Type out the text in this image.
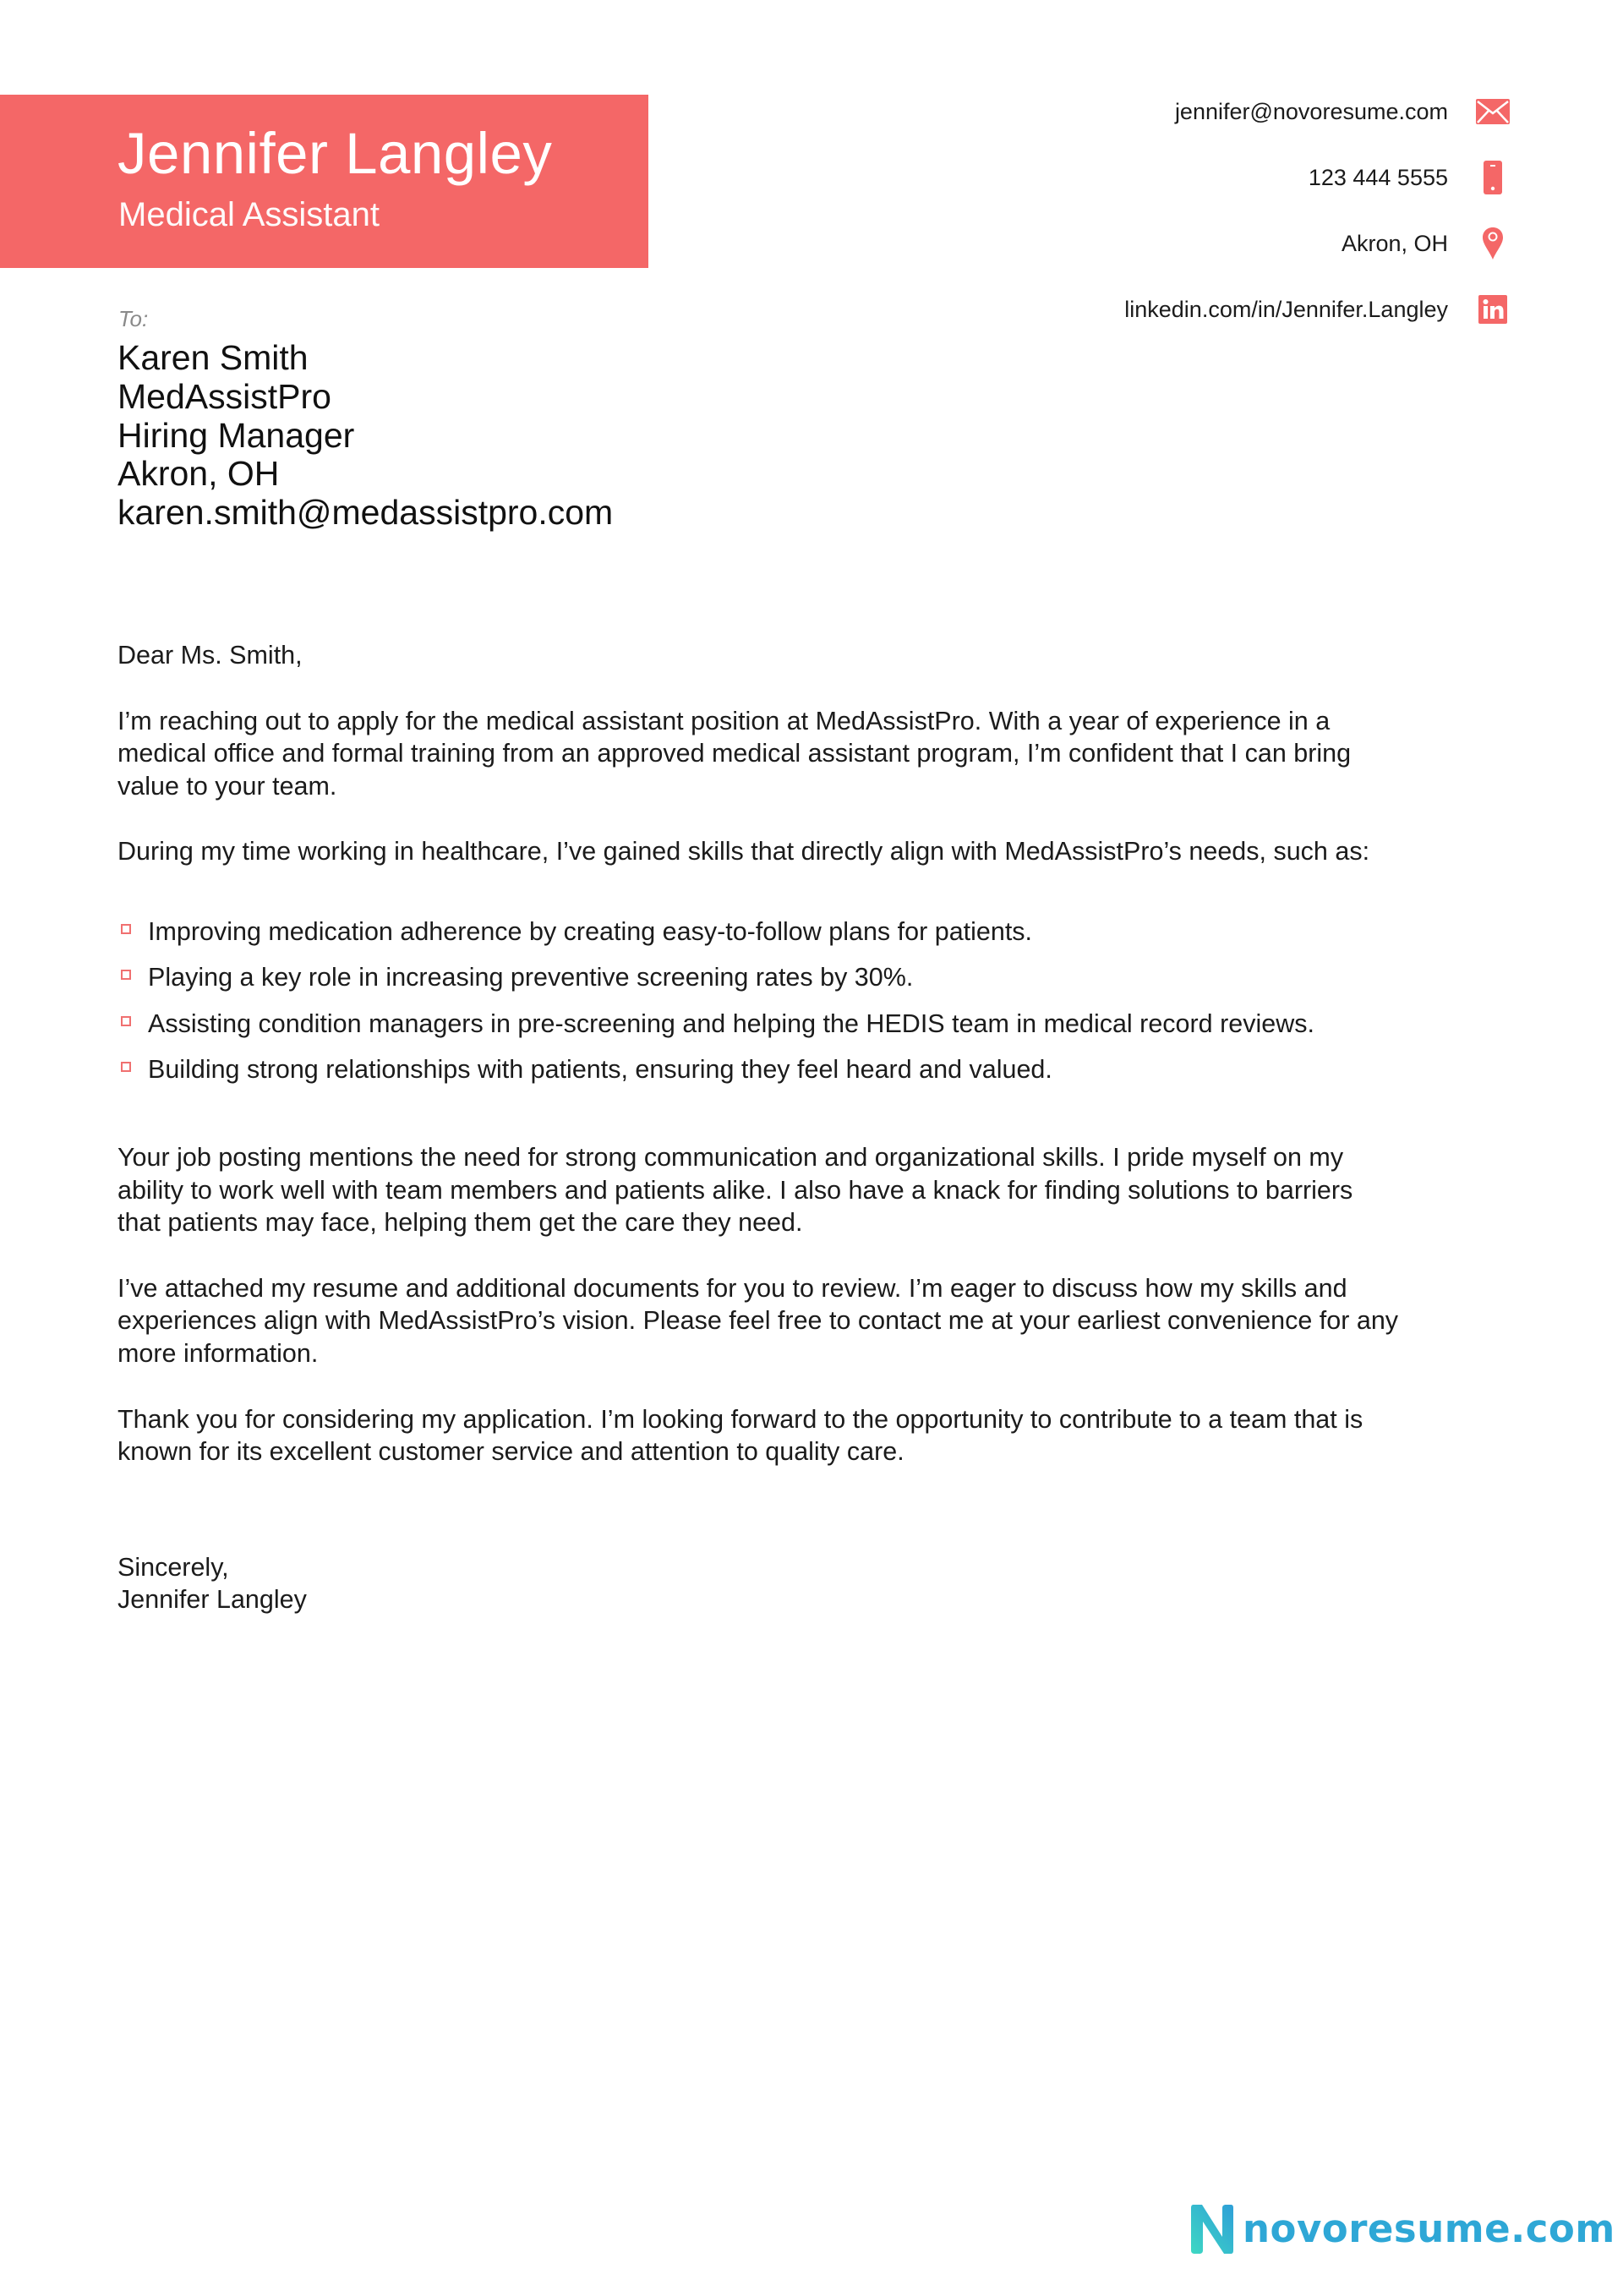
Jennifer Langley
Medical Assistant
jennifer@novoresume.com
123 444 5555
Akron, OH
linkedin.com/in/Jennifer.Langley
To:
Karen Smith
MedAssistPro
Hiring Manager
Akron, OH
karen.smith@medassistpro.com

Dear Ms. Smith,

I’m reaching out to apply for the medical assistant position at MedAssistPro. With a year of experience in a
medical office and formal training from an approved medical assistant program, I’m confident that I can bring
value to your team.

During my time working in healthcare, I’ve gained skills that directly align with MedAssistPro’s needs, such as:

Improving medication adherence by creating easy-to-follow plans for patients.
Playing a key role in increasing preventive screening rates by 30%.
Assisting condition managers in pre-screening and helping the HEDIS team in medical record reviews.
Building strong relationships with patients, ensuring they feel heard and valued.

Your job posting mentions the need for strong communication and organizational skills. I pride myself on my
ability to work well with team members and patients alike. I also have a knack for finding solutions to barriers
that patients may face, helping them get the care they need.

I’ve attached my resume and additional documents for you to review. I’m eager to discuss how my skills and
experiences align with MedAssistPro’s vision. Please feel free to contact me at your earliest convenience for any
more information.

Thank you for considering my application. I’m looking forward to the opportunity to contribute to a team that is
known for its excellent customer service and attention to quality care.

Sincerely,
Jennifer Langley

novoresume.com
